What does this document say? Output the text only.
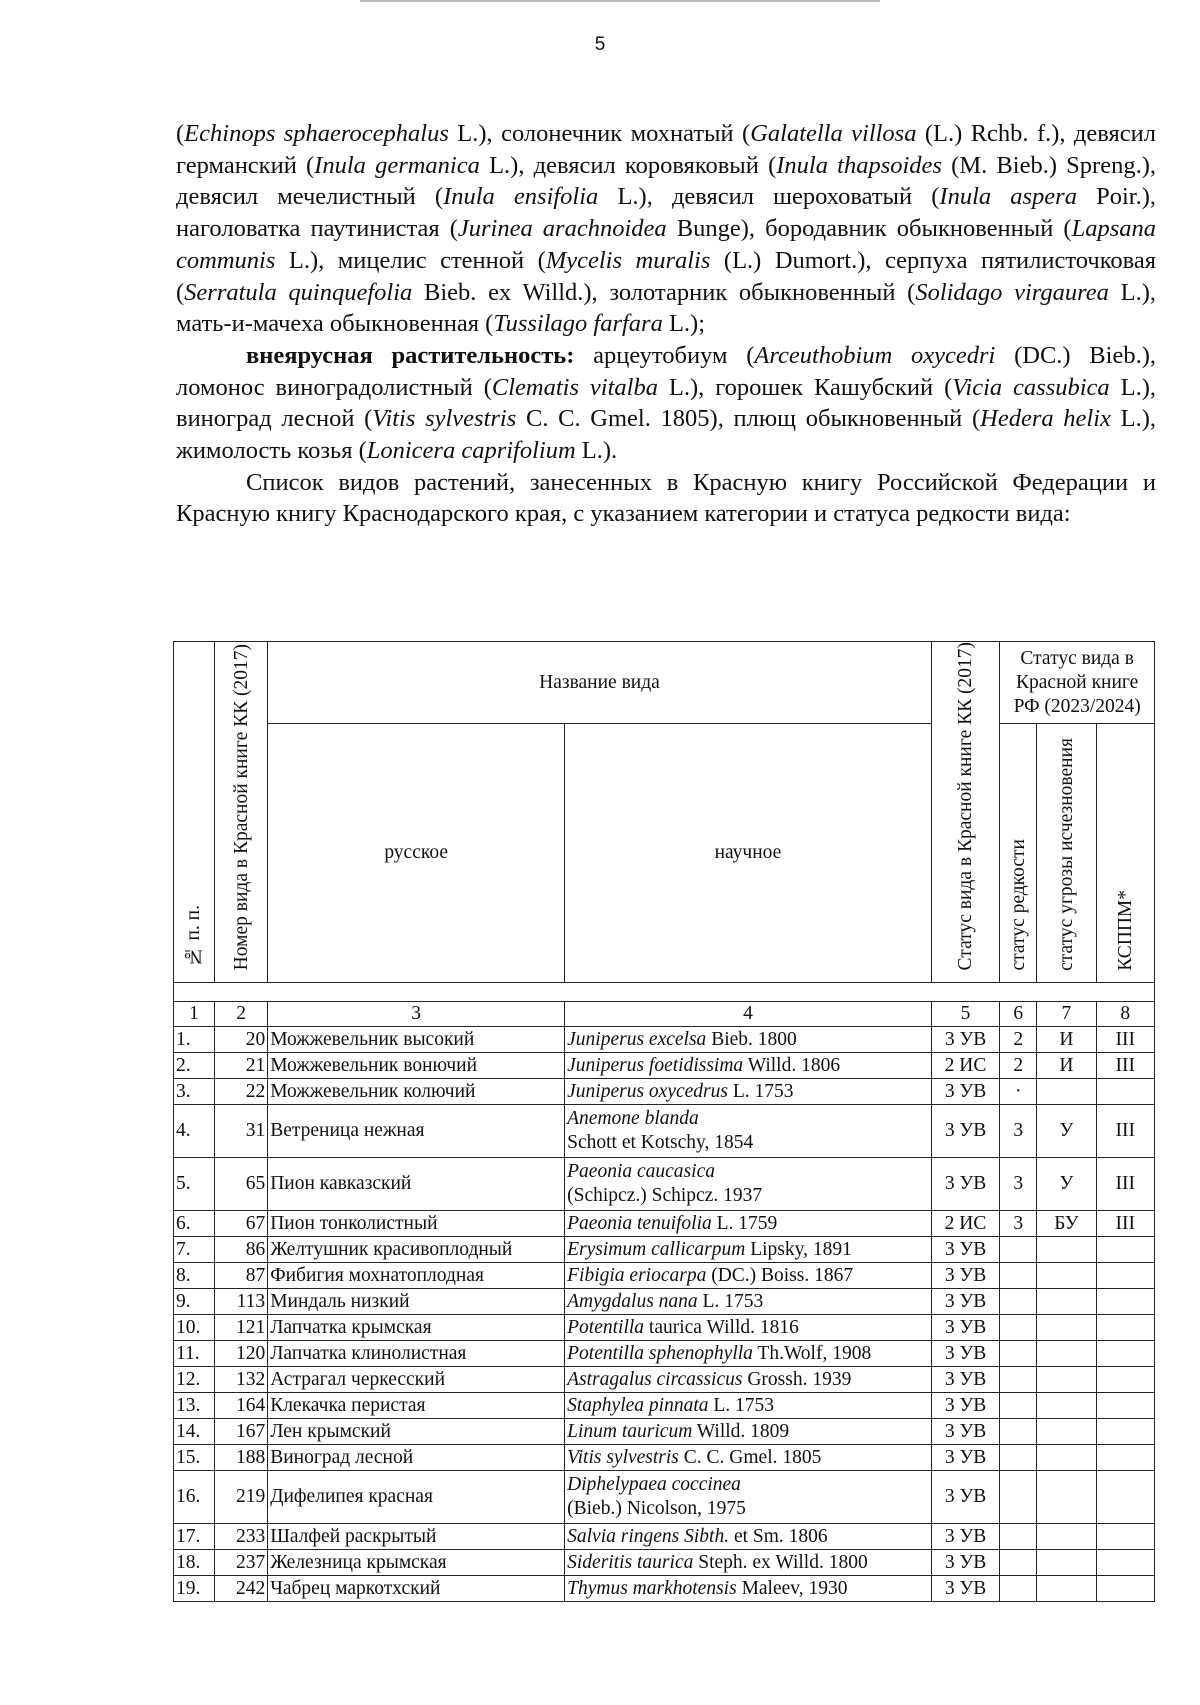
5

(Echinops sphaerocephalus L.), солонечник мохнатый (Galatella villosa (L.) Rchb. f.), девясил германский (Inula germanica L.), девясил коровяковый (Inula thapsoides (M. Bieb.) Spreng.), девясил мечелистный (Inula ensifolia L.), девясил шероховатый (Inula aspera Poir.), наголоватка паутинистая (Jurinea arachnoidea Bunge), бородавник обыкновенный (Lapsana communis L.), мицелис стенной (Mycelis muralis (L.) Dumort.), серпуха пятилисточковая (Serratula quinquefolia Bieb. ex Willd.), золотарник обыкновенный (Solidago virgaurea L.), мать-и-мачеха обыкновенная (Tussilago farfara L.);

внеярусная растительность: арцеутобиум (Arceuthobium oxycedri (DC.) Bieb.), ломонос виноградолистный (Clematis vitalba L.), горошек Кашубский (Vicia cassubica L.), виноград лесной (Vitis sylvestris C. C. Gmel. 1805), плющ обыкновенный (Hedera helix L.), жимолость козья (Lonicera caprifolium L.).

Список видов растений, занесенных в Красную книгу Российской Федерации и Красную книгу Краснодарского края, с указанием категории и статуса редкости вида:

№ п. п.	Номер вида в Красной книге КК (2017)	Название вида		Статус вида в Красной книге КК (2017)	Статус вида в Красной книге РФ (2023/2024)		
		русское	научное		статус редкости	статус угрозы исчезновения	КСППМ*

1	2	3	4	5	6	7	8
1.	20	Можжевельник высокий	Juniperus excelsa Bieb. 1800	3 УВ	2	И	III
2.	21	Можжевельник вонючий	Juniperus foetidissima Willd. 1806	2 ИС	2	И	III
3.	22	Можжевельник колючий	Juniperus oxycedrus L. 1753	3 УВ	·		
4.	31	Ветреница нежная	Anemone blanda
Schott et Kotschy, 1854	3 УВ	3	У	III
5.	65	Пион кавказский	Paeonia caucasica
(Schipcz.) Schipcz. 1937	3 УВ	3	У	III
6.	67	Пион тонколистный	Paeonia tenuifolia L. 1759	2 ИС	3	БУ	III
7.	86	Желтушник красивоплодный	Erysimum callicarpum Lipsky, 1891	3 УВ			
8.	87	Фибигия мохнатоплодная	Fibigia eriocarpa (DC.) Boiss. 1867	3 УВ			
9.	113	Миндаль низкий	Amygdalus nana L. 1753	3 УВ			
10.	121	Лапчатка крымская	Potentilla taurica Willd. 1816	3 УВ			
11.	120	Лапчатка клинолистная	Potentilla sphenophylla Th.Wolf, 1908	3 УВ			
12.	132	Астрагал черкесский	Astragalus circassicus Grossh. 1939	3 УВ			
13.	164	Клекачка перистая	Staphylea pinnata L. 1753	3 УВ			
14.	167	Лен крымский	Linum tauricum Willd. 1809	3 УВ			
15.	188	Виноград лесной	Vitis sylvestris C. C. Gmel. 1805	3 УВ			
16.	219	Дифелипея красная	Diphelypaea coccinea
(Bieb.) Nicolson, 1975	3 УВ			
17.	233	Шалфей раскрытый	Salvia ringens Sibth. et Sm. 1806	3 УВ			
18.	237	Железница крымская	Sideritis taurica Steph. ex Willd. 1800	3 УВ			
19.	242	Чабрец маркотхский	Thymus markhotensis Maleev, 1930	3 УВ			
